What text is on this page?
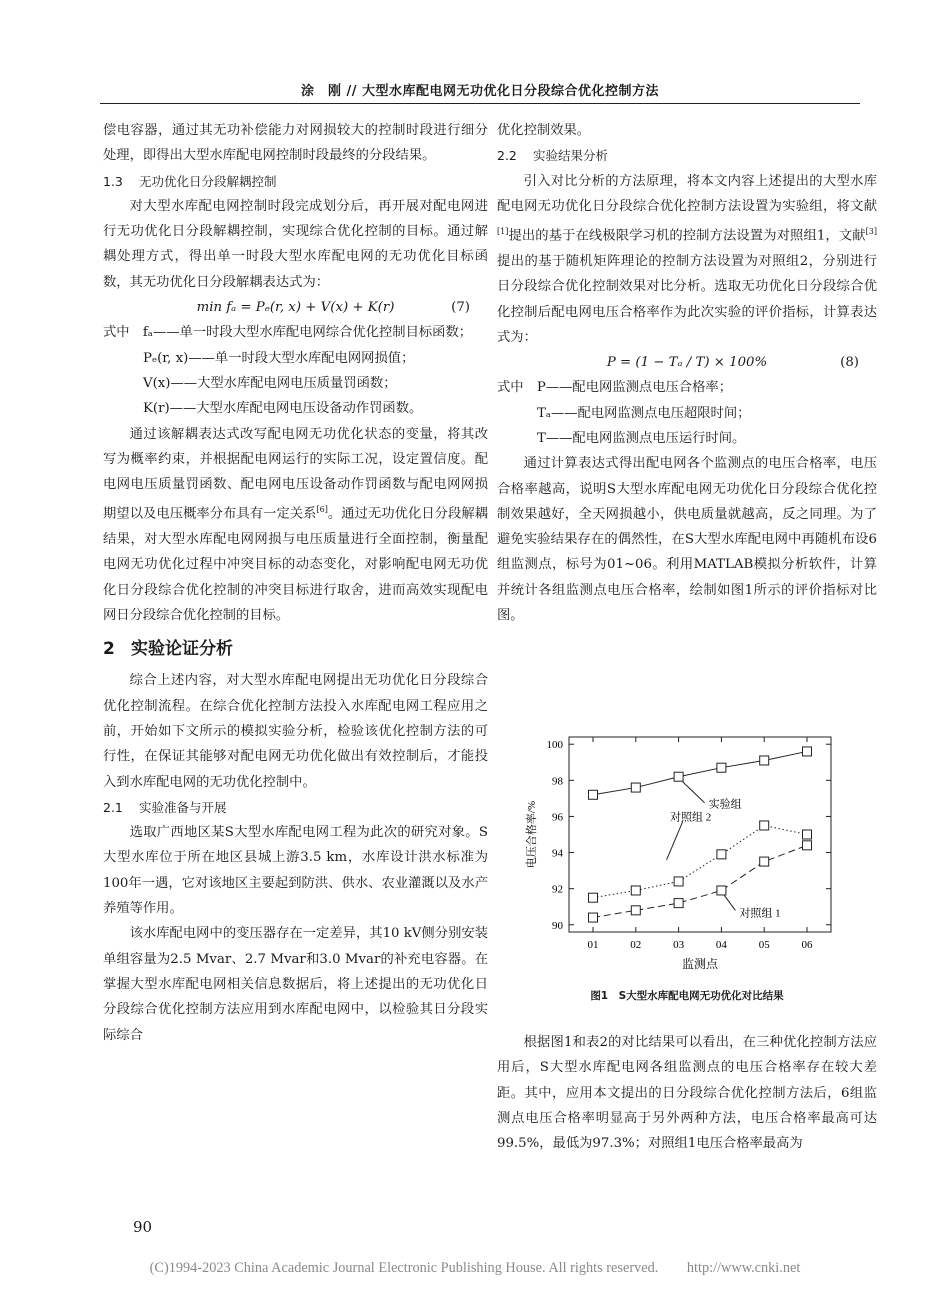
涂　刚 // 大型水库配电网无功优化日分段综合优化控制方法

偿电容器，通过其无功补偿能力对网损较大的控制时段进行细分处理，即得出大型水库配电网控制时段最终的分段结果。

1.3 无功优化日分段解耦控制

对大型水库配电网控制时段完成划分后，再开展对配电网进行无功优化日分段解耦控制，实现综合优化控制的目标。通过解耦处理方式，得出单一时段大型水库配电网的无功优化目标函数，其无功优化日分段解耦表达式为：

min fₐ = Pₑ(r, x) + V(x) + K(r)	(7)

式中　fₐ——单一时段大型水库配电网综合优化控制目标函数；

Pₑ(r, x)——单一时段大型水库配电网网损值；

V(x)——大型水库配电网电压质量罚函数；

K(r)——大型水库配电网电压设备动作罚函数。

通过该解耦表达式改写配电网无功优化状态的变量，将其改写为概率约束，并根据配电网运行的实际工况，设定置信度。配电网电压质量罚函数、配电网电压设备动作罚函数与配电网网损期望以及电压概率分布具有一定关系[6]。通过无功优化日分段解耦结果，对大型水库配电网网损与电压质量进行全面控制，衡量配电网无功优化过程中冲突目标的动态变化，对影响配电网无功优化日分段综合优化控制的冲突目标进行取舍，进而高效实现配电网日分段综合优化控制的目标。

2 实验论证分析

综合上述内容，对大型水库配电网提出无功优化日分段综合优化控制流程。在综合优化控制方法投入水库配电网工程应用之前，开始如下文所示的模拟实验分析，检验该优化控制方法的可行性，在保证其能够对配电网无功优化做出有效控制后，才能投入到水库配电网的无功优化控制中。

2.1 实验准备与开展

选取广西地区某S大型水库配电网工程为此次的研究对象。S大型水库位于所在地区县城上游3.5 km，水库设计洪水标准为100年一遇，它对该地区主要起到防洪、供水、农业灌溉以及水产养殖等作用。

该水库配电网中的变压器存在一定差异，其10 kV侧分别安装单组容量为2.5 Mvar、2.7 Mvar和3.0 Mvar的补充电容器。在掌握大型水库配电网相关信息数据后，将上述提出的无功优化日分段综合优化控制方法应用到水库配电网中，以检验其日分段实际综合

优化控制效果。

2.2 实验结果分析

引入对比分析的方法原理，将本文内容上述提出的大型水库配电网无功优化日分段综合优化控制方法设置为实验组，将文献[1]提出的基于在线极限学习机的控制方法设置为对照组1，文献[3]提出的基于随机矩阵理论的控制方法设置为对照组2，分别进行日分段综合优化控制效果对比分析。选取无功优化日分段综合优化控制后配电网电压合格率作为此次实验的评价指标，计算表达式为：

P = (1 − Tₐ / T) × 100%	(8)

式中　P——配电网监测点电压合格率；

Tₐ——配电网监测点电压超限时间；

T——配电网监测点电压运行时间。

通过计算表达式得出配电网各个监测点的电压合格率，电压合格率越高，说明S大型水库配电网无功优化日分段综合优化控制效果越好，全天网损越小，供电质量就越高，反之同理。为了避免实验结果存在的偶然性，在S大型水库配电网中再随机布设6组监测点，标号为01~06。利用MATLAB模拟分析软件，计算并统计各组监测点电压合格率，绘制如图1所示的评价指标对比图。

90
92
94
96
98
100
01	02	03	04	05	06
监测点
电压合格率/%	实验组
对照组 2
对照组 1
图1　S大型水库配电网无功优化对比结果

根据图1和表2的对比结果可以看出，在三种优化控制方法应用后，S大型水库配电网各组监测点的电压合格率存在较大差距。其中，应用本文提出的日分段综合优化控制方法后，6组监测点电压合格率明显高于另外两种方法，电压合格率最高可达99.5%，最低为97.3%；对照组1电压合格率最高为

90
(C)1994-2023 China Academic Journal Electronic Publishing House. All rights reserved.　　http://www.cnki.net
